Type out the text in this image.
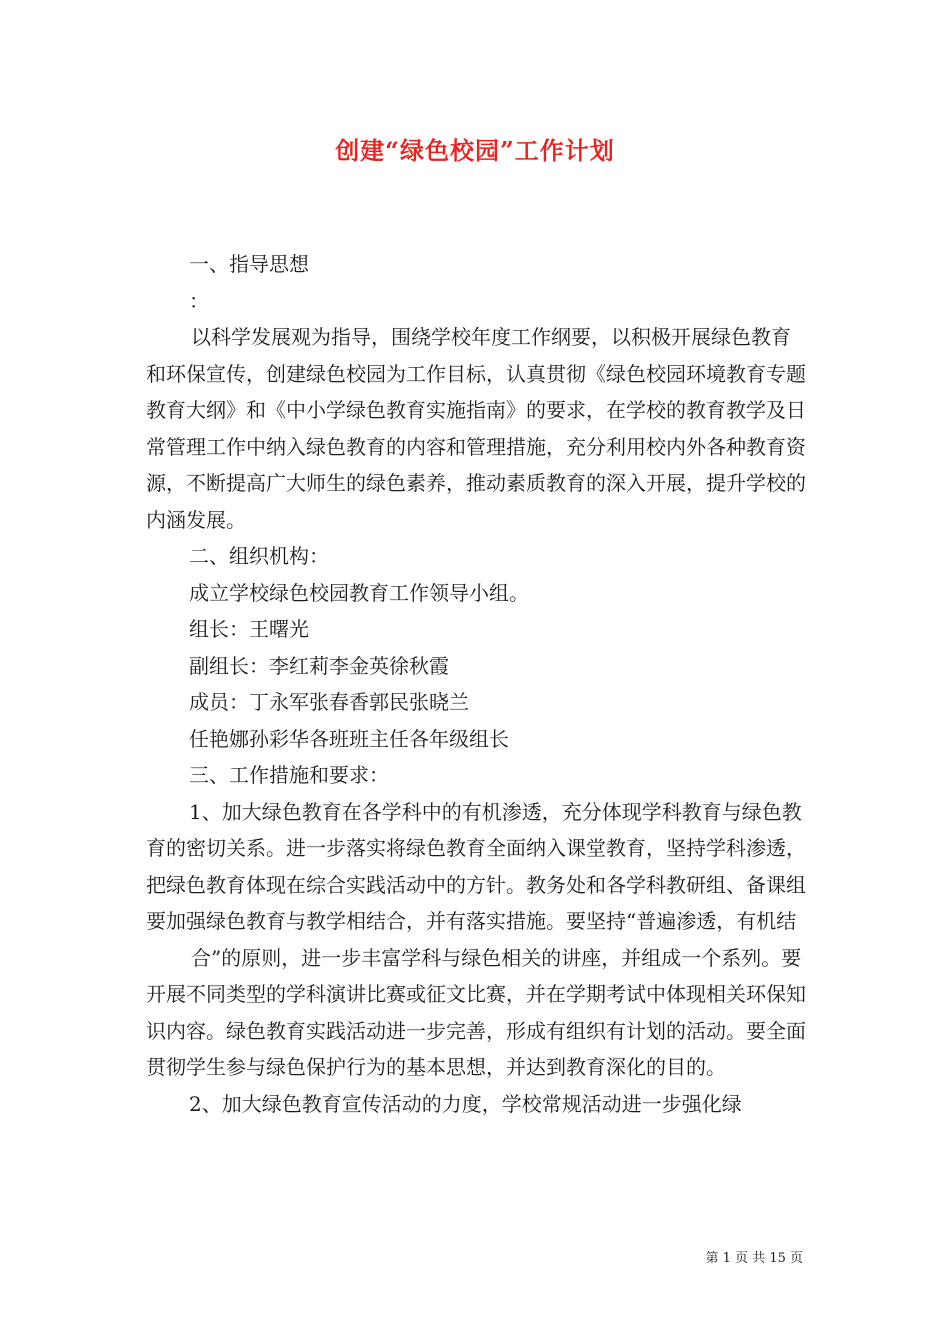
创建“绿色校园”工作计划

一、指导思想

：

以科学发展观为指导，围绕学校年度工作纲要，以积极开展绿色教育和环保宣传，创建绿色校园为工作目标，认真贯彻《绿色校园环境教育专题教育大纲》和《中小学绿色教育实施指南》的要求，在学校的教育教学及日常管理工作中纳入绿色教育的内容和管理措施，充分利用校内外各种教育资源，不断提高广大师生的绿色素养，推动素质教育的深入开展，提升学校的内涵发展。

二、组织机构：

成立学校绿色校园教育工作领导小组。

组长：王曙光

副组长：李红莉李金英徐秋霞

成员：丁永军张春香郭民张晓兰

任艳娜孙彩华各班班主任各年级组长

三、工作措施和要求：

1、加大绿色教育在各学科中的有机渗透，充分体现学科教育与绿色教育的密切关系。进一步落实将绿色教育全面纳入课堂教育，坚持学科渗透，把绿色教育体现在综合实践活动中的方针。教务处和各学科教研组、备课组要加强绿色教育与教学相结合，并有落实措施。要坚持“普遍渗透，有机结

合”的原则，进一步丰富学科与绿色相关的讲座，并组成一个系列。要开展不同类型的学科演讲比赛或征文比赛，并在学期考试中体现相关环保知识内容。绿色教育实践活动进一步完善，形成有组织有计划的活动。要全面贯彻学生参与绿色保护行为的基本思想，并达到教育深化的目的。

2、加大绿色教育宣传活动的力度，学校常规活动进一步强化绿

第 1 页 共 15 页
